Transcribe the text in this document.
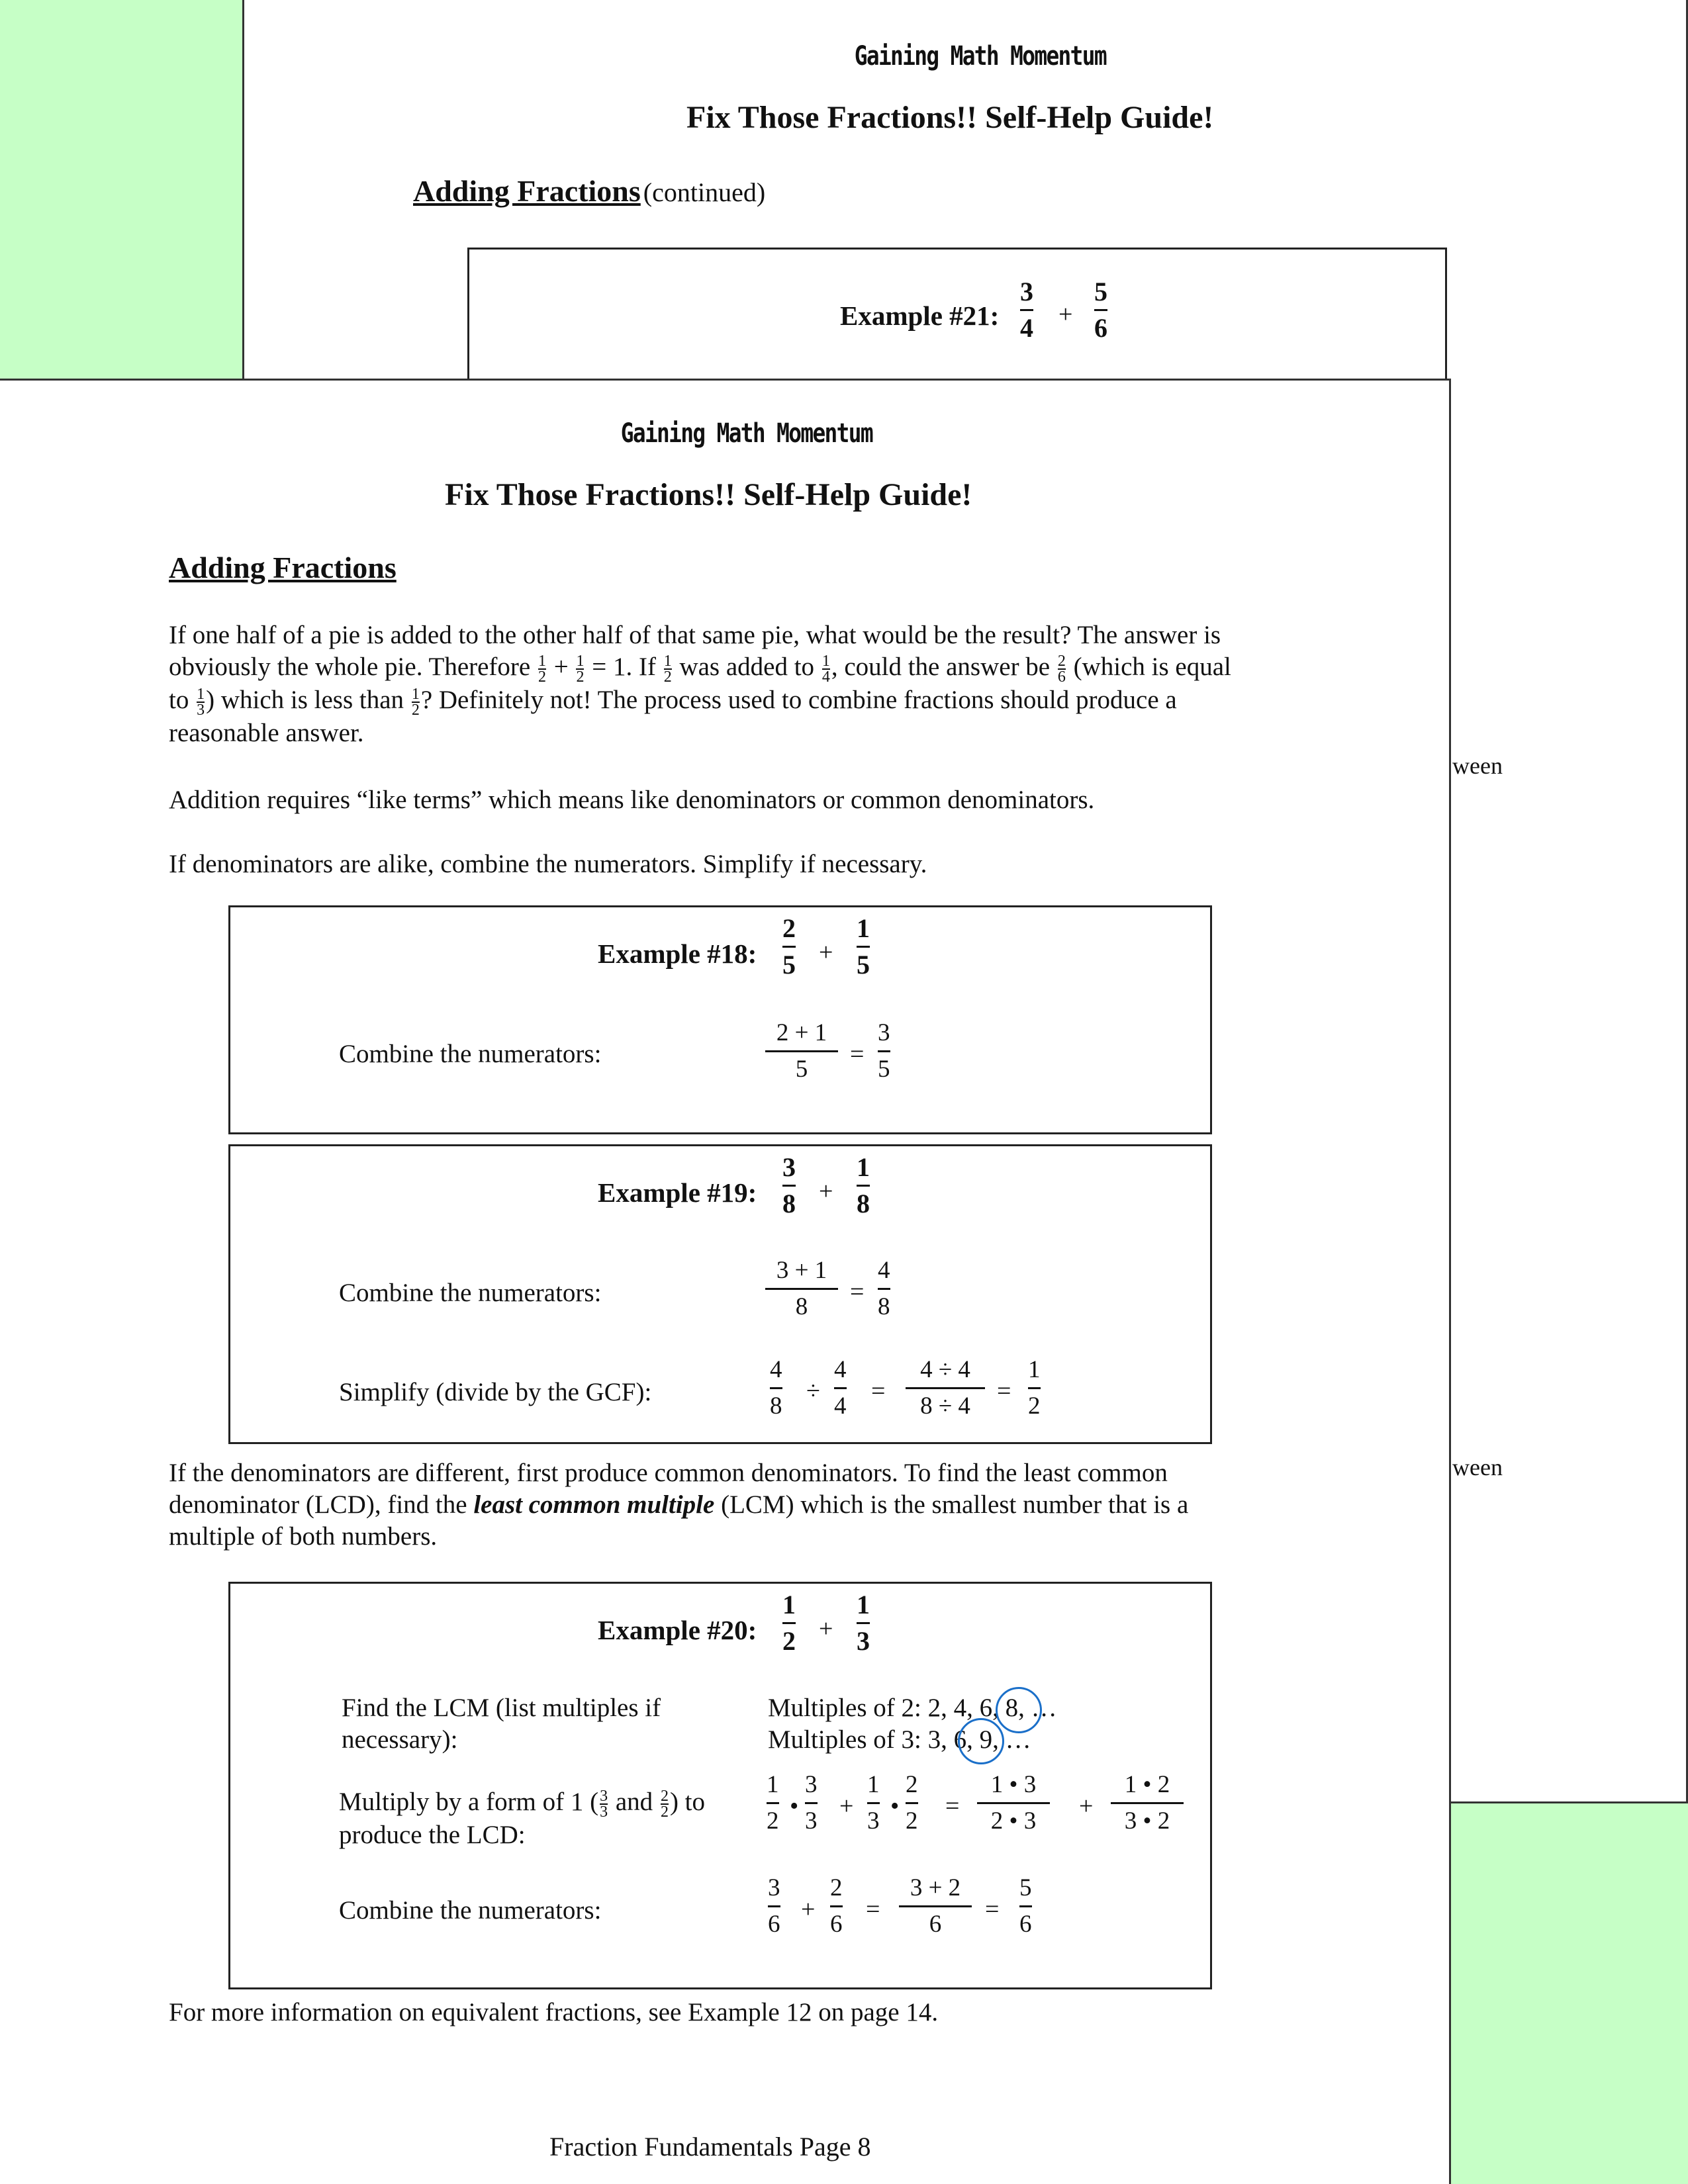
Gaining Math Momentum
Fix Those Fractions!! Self-Help Guide!
Adding Fractions (continued)
Example #21:
3
4 +
5
6
ween
ween
Gaining Math Momentum
Fix Those Fractions!! Self-Help Guide!
Adding Fractions
If one half of a pie is added to the other half of that same pie, what would be the result? The answer is obviously the whole pie. Therefore $\frac{1}{2} + \frac{1}{2} = 1$. If $\frac{1}{2}$ was added to $\frac{1}{4}$ , could the answer be $\frac{2}{6}$ (which is equal to $\frac{1}{3}$ ) which is less than $\frac{1}{2}$ ? Definitely not! The process used to combine fractions should produce a reasonable answer.
Addition requires “like terms” which means like denominators or common denominators.
If denominators are alike, combine the numerators. Simplify if necessary.
Example #18:
2
5 +
1
5
Combine the numerators:
2 + 1
5
=
3
5
Example #19:
3
8 +
1
8
Combine the numerators:
3 + 1
8
=
4
8
Simplify (divide by the GCF):
4
8
÷
4
4
=
4 ÷ 4
8 ÷ 4
=
1
2
If the denominators are different, first produce common denominators. To find the least common denominator (LCD), find the least common multiple (LCM) which is the smallest number that is a multiple of both numbers.
Example #20:
1
2 +
1
3
Find the LCM (list multiples if necessary):
Multiples of 2: 2, 4, 6, 8, …
Multiples of 3: 3, 6, 9, …
Multiply by a form of 1 ( $\frac{3}{3}$ and $\frac{2}{2}$ ) to produce the LCD:
1
2
•
3
3
+
1
3
•
2
2
=
1 • 3
2 • 3
+
1 • 2
3 • 2
Combine the numerators:
3
6
+
2
6
=
3 + 2
6
=
5
6
For more information on equivalent fractions, see Example 12 on page 14.
Fraction Fundamentals Page 8
